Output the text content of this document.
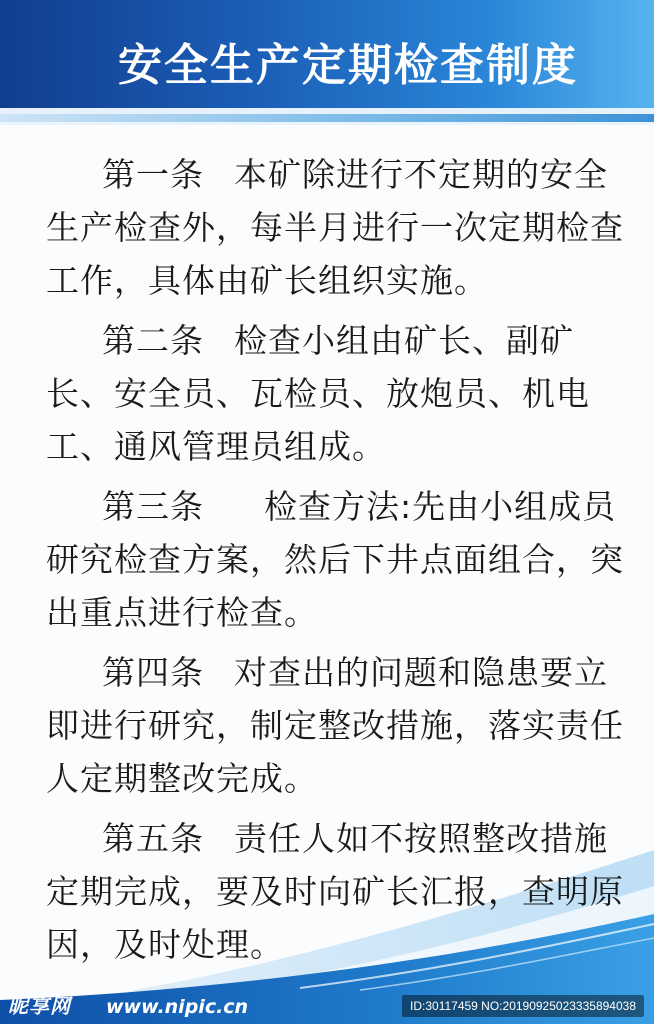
安全生产定期检查制度

第一条 本矿除进行不定期的安全生产检查外，每半月进行一次定期检查工作，具体由矿长组织实施。

第二条 检查小组由矿长、副矿长、安全员、瓦检员、放炮员、机电工、通风管理员组成。

第三条 检查方法:先由小组成员研究检查方案，然后下井点面组合，突出重点进行检查。

第四条 对查出的问题和隐患要立即进行研究，制定整改措施，落实责任人定期整改完成。

第五条 责任人如不按照整改措施定期完成，要及时向矿长汇报，查明原因，及时处理。

昵享网 www.nipic.cn	ID:30117459 NO:20190925023335894038
